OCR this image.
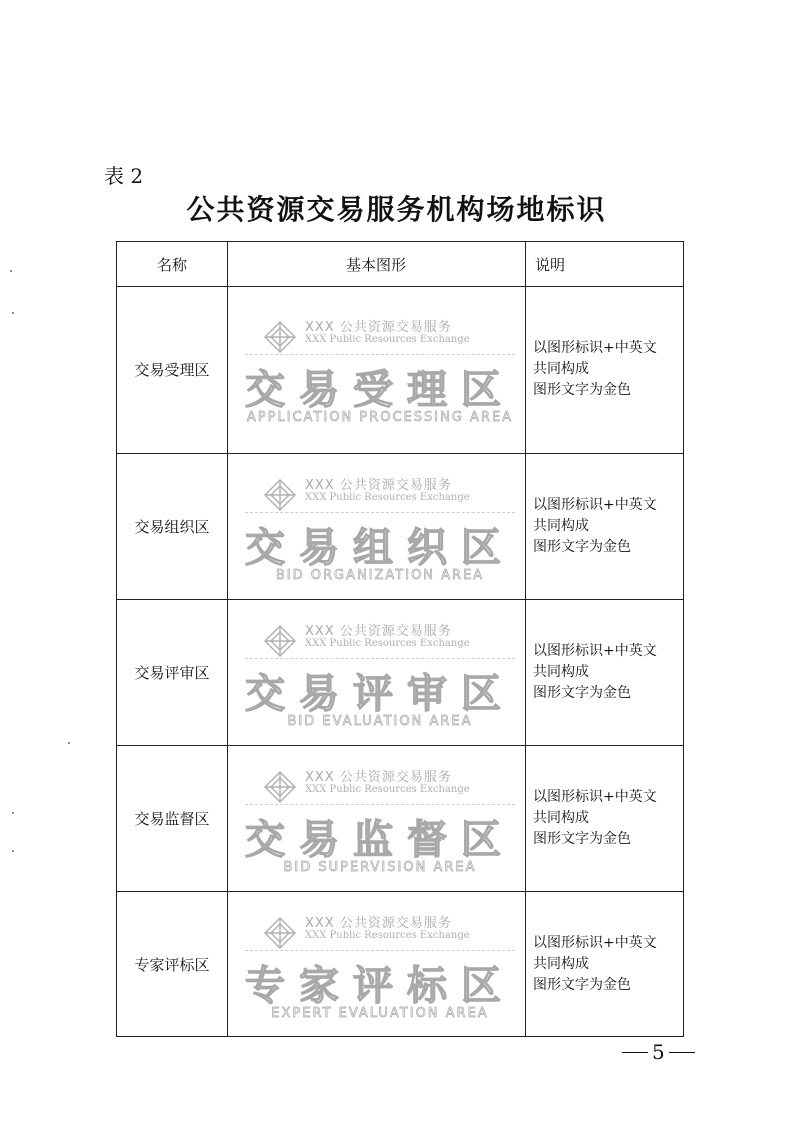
表 2
公共资源交易服务机构场地标识
名称	基本图形	说明
交易受理区
XXX 公共资源交易服务
XXX Public Resources Exchange
交易受理区
APPLICATION PROCESSING AREA
以图形标识+中英文
共同构成
图形文字为金色
交易组织区
XXX 公共资源交易服务
XXX Public Resources Exchange
交易组织区
BID ORGANIZATION AREA
以图形标识+中英文
共同构成
图形文字为金色
交易评审区
XXX 公共资源交易服务
XXX Public Resources Exchange
交易评审区
BID EVALUATION AREA
以图形标识+中英文
共同构成
图形文字为金色
交易监督区
XXX 公共资源交易服务
XXX Public Resources Exchange
交易监督区
BID SUPERVISION AREA
以图形标识+中英文
共同构成
图形文字为金色
专家评标区
XXX 公共资源交易服务
XXX Public Resources Exchange
专家评标区
EXPERT EVALUATION AREA
以图形标识+中英文
共同构成
图形文字为金色
5
